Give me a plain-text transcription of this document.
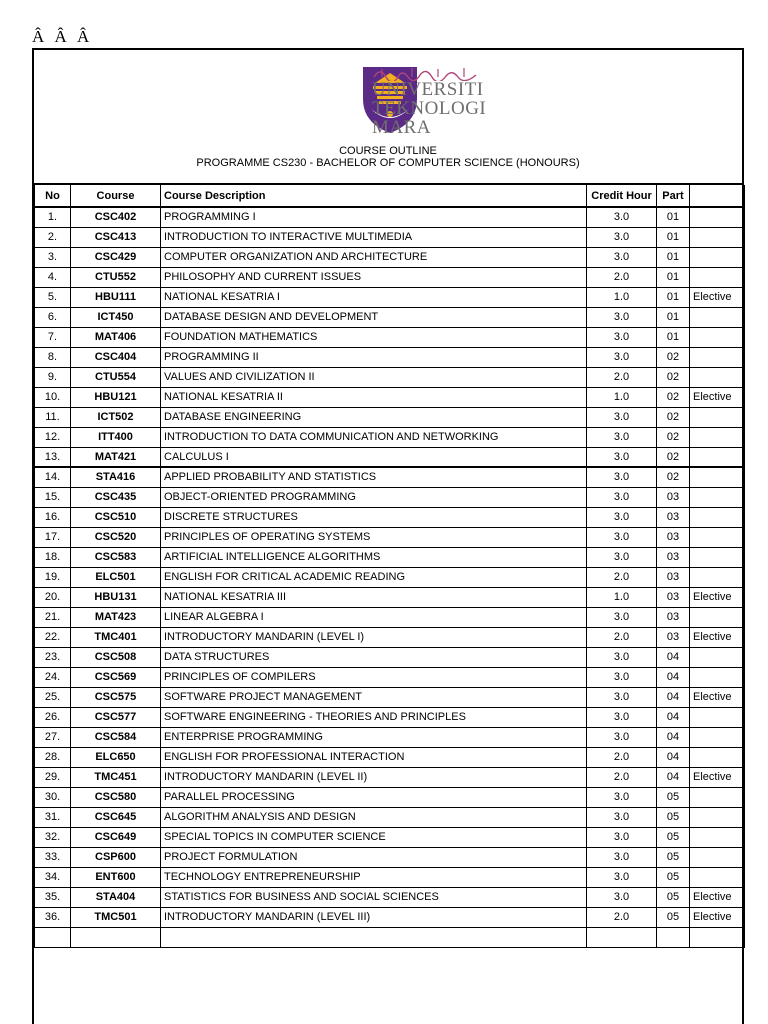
Â Â Â
UNIVERSITI
TEKNOLOGI
MARA
COURSE OUTLINE
PROGRAMME CS230 - BACHELOR OF COMPUTER SCIENCE (HONOURS)
No	Course	Course Description	Credit Hour	Part	
1.	CSC402	PROGRAMMING I	3.0	01	
2.	CSC413	INTRODUCTION TO INTERACTIVE MULTIMEDIA	3.0	01	
3.	CSC429	COMPUTER ORGANIZATION AND ARCHITECTURE	3.0	01	
4.	CTU552	PHILOSOPHY AND CURRENT ISSUES	2.0	01	
5.	HBU111	NATIONAL KESATRIA I	1.0	01	Elective
6.	ICT450	DATABASE DESIGN AND DEVELOPMENT	3.0	01	
7.	MAT406	FOUNDATION MATHEMATICS	3.0	01	
8.	CSC404	PROGRAMMING II	3.0	02	
9.	CTU554	VALUES AND CIVILIZATION II	2.0	02	
10.	HBU121	NATIONAL KESATRIA II	1.0	02	Elective
11.	ICT502	DATABASE ENGINEERING	3.0	02	
12.	ITT400	INTRODUCTION TO DATA COMMUNICATION AND NETWORKING	3.0	02	
13.	MAT421	CALCULUS I	3.0	02	
14.	STA416	APPLIED PROBABILITY AND STATISTICS	3.0	02	
15.	CSC435	OBJECT-ORIENTED PROGRAMMING	3.0	03	
16.	CSC510	DISCRETE STRUCTURES	3.0	03	
17.	CSC520	PRINCIPLES OF OPERATING SYSTEMS	3.0	03	
18.	CSC583	ARTIFICIAL INTELLIGENCE ALGORITHMS	3.0	03	
19.	ELC501	ENGLISH FOR CRITICAL ACADEMIC READING	2.0	03	
20.	HBU131	NATIONAL KESATRIA III	1.0	03	Elective
21.	MAT423	LINEAR ALGEBRA I	3.0	03	
22.	TMC401	INTRODUCTORY MANDARIN (LEVEL I)	2.0	03	Elective
23.	CSC508	DATA STRUCTURES	3.0	04	
24.	CSC569	PRINCIPLES OF COMPILERS	3.0	04	
25.	CSC575	SOFTWARE PROJECT MANAGEMENT	3.0	04	Elective
26.	CSC577	SOFTWARE ENGINEERING - THEORIES AND PRINCIPLES	3.0	04	
27.	CSC584	ENTERPRISE PROGRAMMING	3.0	04	
28.	ELC650	ENGLISH FOR PROFESSIONAL INTERACTION	2.0	04	
29.	TMC451	INTRODUCTORY MANDARIN (LEVEL II)	2.0	04	Elective
30.	CSC580	PARALLEL PROCESSING	3.0	05	
31.	CSC645	ALGORITHM ANALYSIS AND DESIGN	3.0	05	
32.	CSC649	SPECIAL TOPICS IN COMPUTER SCIENCE	3.0	05	
33.	CSP600	PROJECT FORMULATION	3.0	05	
34.	ENT600	TECHNOLOGY ENTREPRENEURSHIP	3.0	05	
35.	STA404	STATISTICS FOR BUSINESS AND SOCIAL SCIENCES	3.0	05	Elective
36.	TMC501	INTRODUCTORY MANDARIN (LEVEL III)	2.0	05	Elective
